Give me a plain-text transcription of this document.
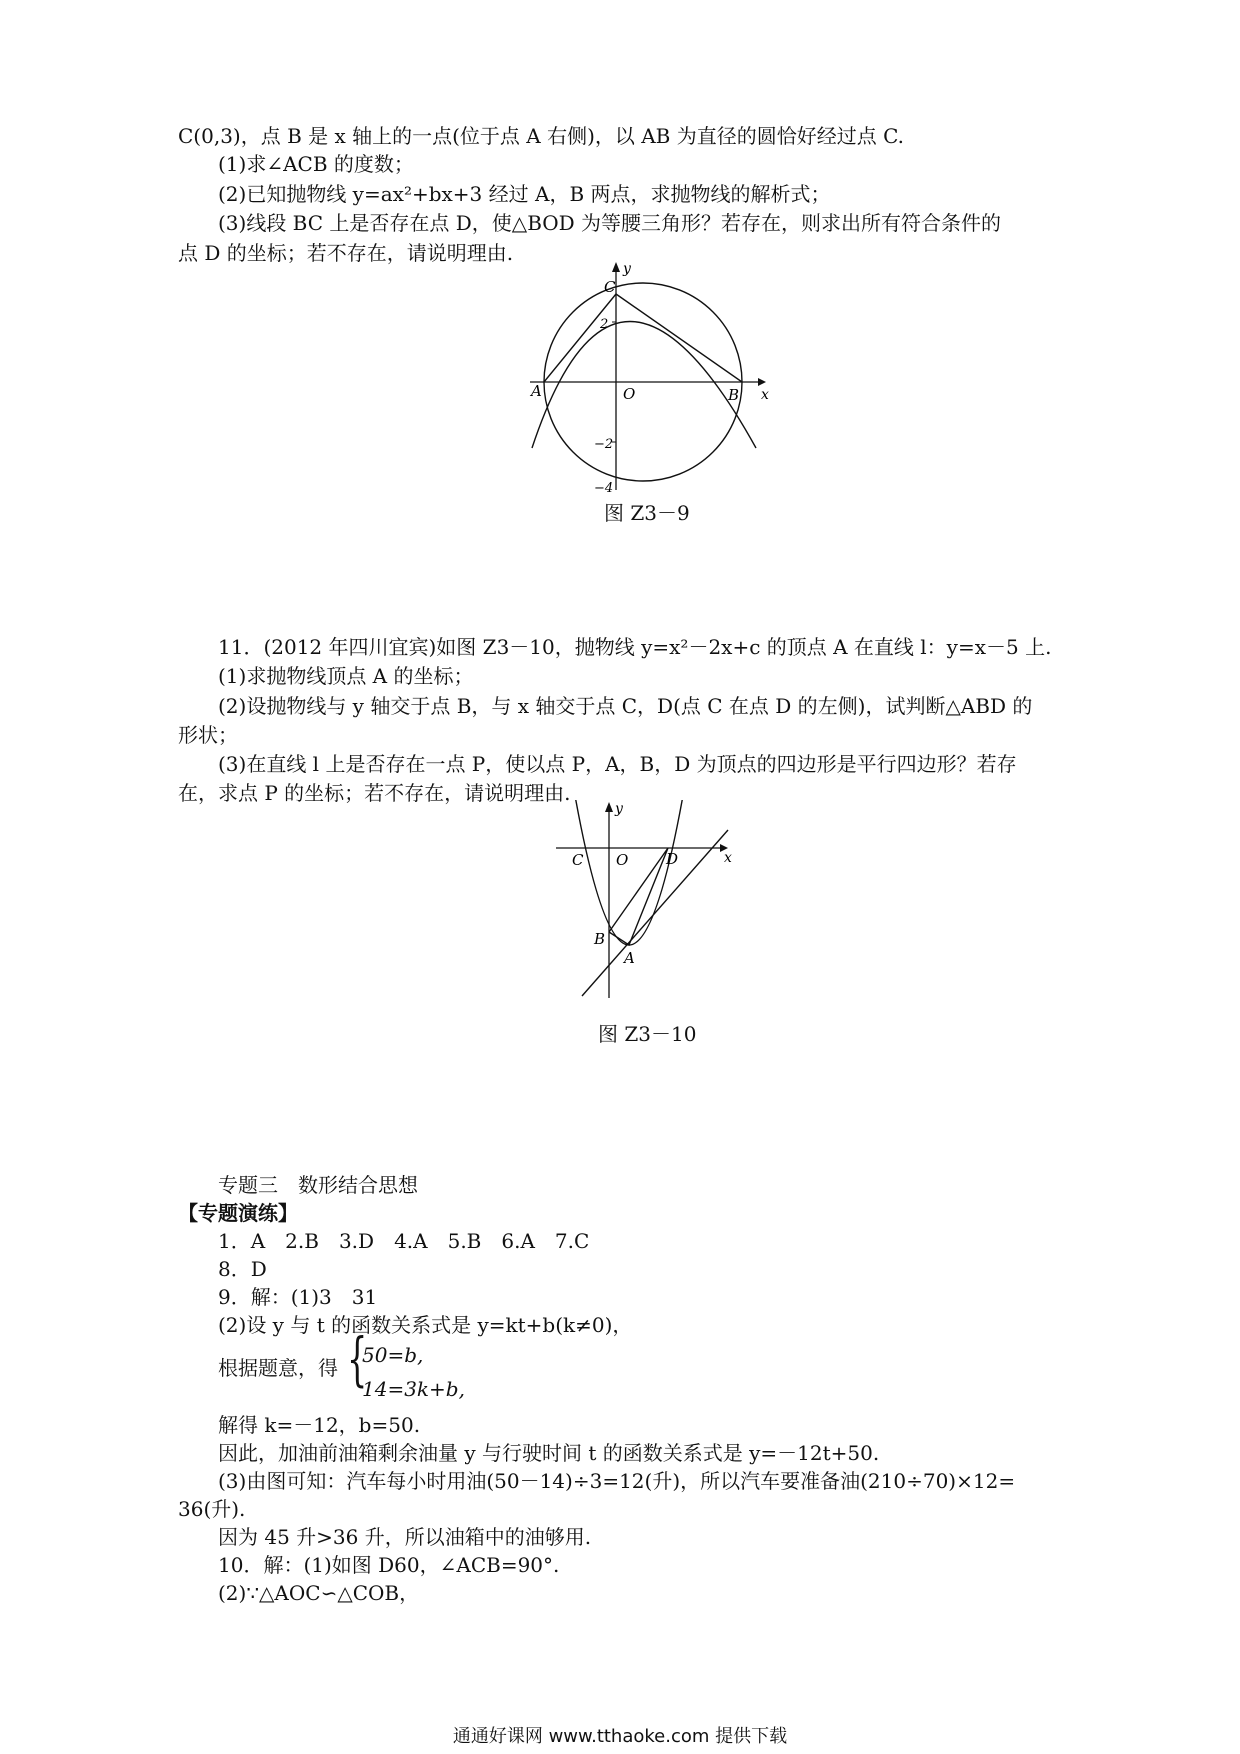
C(0,3)，点 B 是 x 轴上的一点(位于点 A 右侧)，以 AB 为直径的圆恰好经过点 C.
(1)求∠ACB 的度数；
(2)已知抛物线 y=ax²+bx+3 经过 A，B 两点，求抛物线的解析式；
(3)线段 BC 上是否存在点 D，使△BOD 为等腰三角形？若存在，则求出所有符合条件的
点 D 的坐标；若不存在，请说明理由.
A	O	B
C
x
y
2
−2
−4
图 Z3－9
11．(2012 年四川宜宾)如图 Z3－10，抛物线 y=x²－2x+c 的顶点 A 在直线 l：y=x－5 上.
(1)求抛物线顶点 A 的坐标；
(2)设抛物线与 y 轴交于点 B，与 x 轴交于点 C，D(点 C 在点 D 的左侧)，试判断△ABD 的
形状；
(3)在直线 l 上是否存在一点 P，使以点 P，A，B，D 为顶点的四边形是平行四边形？若存
在，求点 P 的坐标；若不存在，请说明理由.
C O	D
B
A
x
y
图 Z3－10
专题三　数形结合思想
【专题演练】
1．A　2.B　3.D　4.A　5.B　6.A　7.C
8．D
9．解：(1)3　31
(2)设 y 与 t 的函数关系式是 y=kt+b(k≠0)，
根据题意，得 {
50=b,
14=3k+b,
解得 k=－12，b=50.
因此，加油前油箱剩余油量 y 与行驶时间 t 的函数关系式是 y=－12t+50.
(3)由图可知：汽车每小时用油(50－14)÷3=12(升)，所以汽车要准备油(210÷70)×12=
36(升).
因为 45 升>36 升，所以油箱中的油够用.
10．解：(1)如图 D60，∠ACB=90°.
(2)∵△AOC∽△COB，
通通好课网 www.tthaoke.com 提供下载
